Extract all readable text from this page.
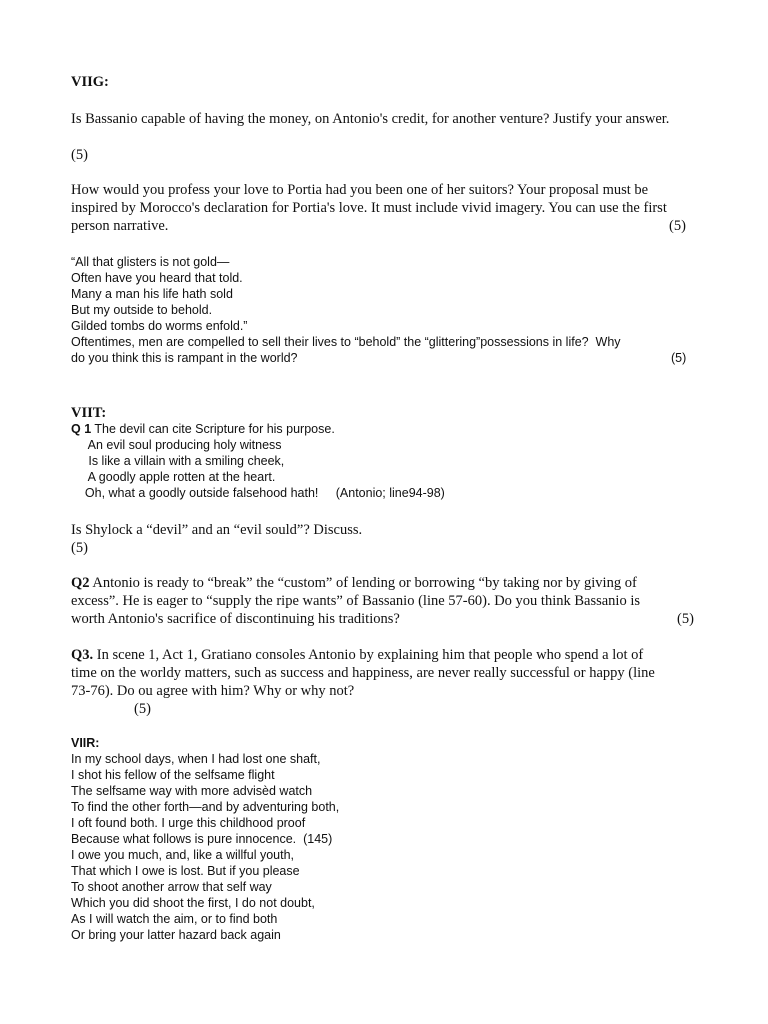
VIIG:
Is Bassanio capable of having the money, on Antonio's credit, for another venture? Justify your answer.
(5)
How would you profess your love to Portia had you been one of her suitors? Your proposal must be
inspired by Morocco's declaration for Portia's love. It must include vivid imagery. You can use the first
person narrative.	(5)
“All that glisters is not gold—
Often have you heard that told.
Many a man his life hath sold
But my outside to behold.
Gilded tombs do worms enfold.”
Oftentimes, men are compelled to sell their lives to “behold” the “glittering”possessions in life?  Why
do you think this is rampant in the world?	(5)
VIIT:
Q 1 The devil can cite Scripture for his purpose.
An evil soul producing holy witness
Is like a villain with a smiling cheek,
A goodly apple rotten at the heart.
Oh, what a goodly outside falsehood hath!     (Antonio; line94-98)
Is Shylock a “devil” and an “evil sould”? Discuss.
(5)
Q2 Antonio is ready to “break” the “custom” of lending or borrowing “by taking nor by giving of
excess”. He is eager to “supply the ripe wants” of Bassanio (line 57-60). Do you think Bassanio is
worth Antonio's sacrifice of discontinuing his traditions?	(5)
Q3. In scene 1, Act 1, Gratiano consoles Antonio by explaining him that people who spend a lot of
time on the worldy matters, such as success and happiness, are never really successful or happy (line
73-76). Do ou agree with him? Why or why not?
(5)
VIIR:
In my school days, when I had lost one shaft,
I shot his fellow of the selfsame flight
The selfsame way with more advisèd watch
To find the other forth—and by adventuring both,
I oft found both. I urge this childhood proof
Because what follows is pure innocence.  (145)
I owe you much, and, like a willful youth,
That which I owe is lost. But if you please
To shoot another arrow that self way
Which you did shoot the first, I do not doubt,
As I will watch the aim, or to find both
Or bring your latter hazard back again
